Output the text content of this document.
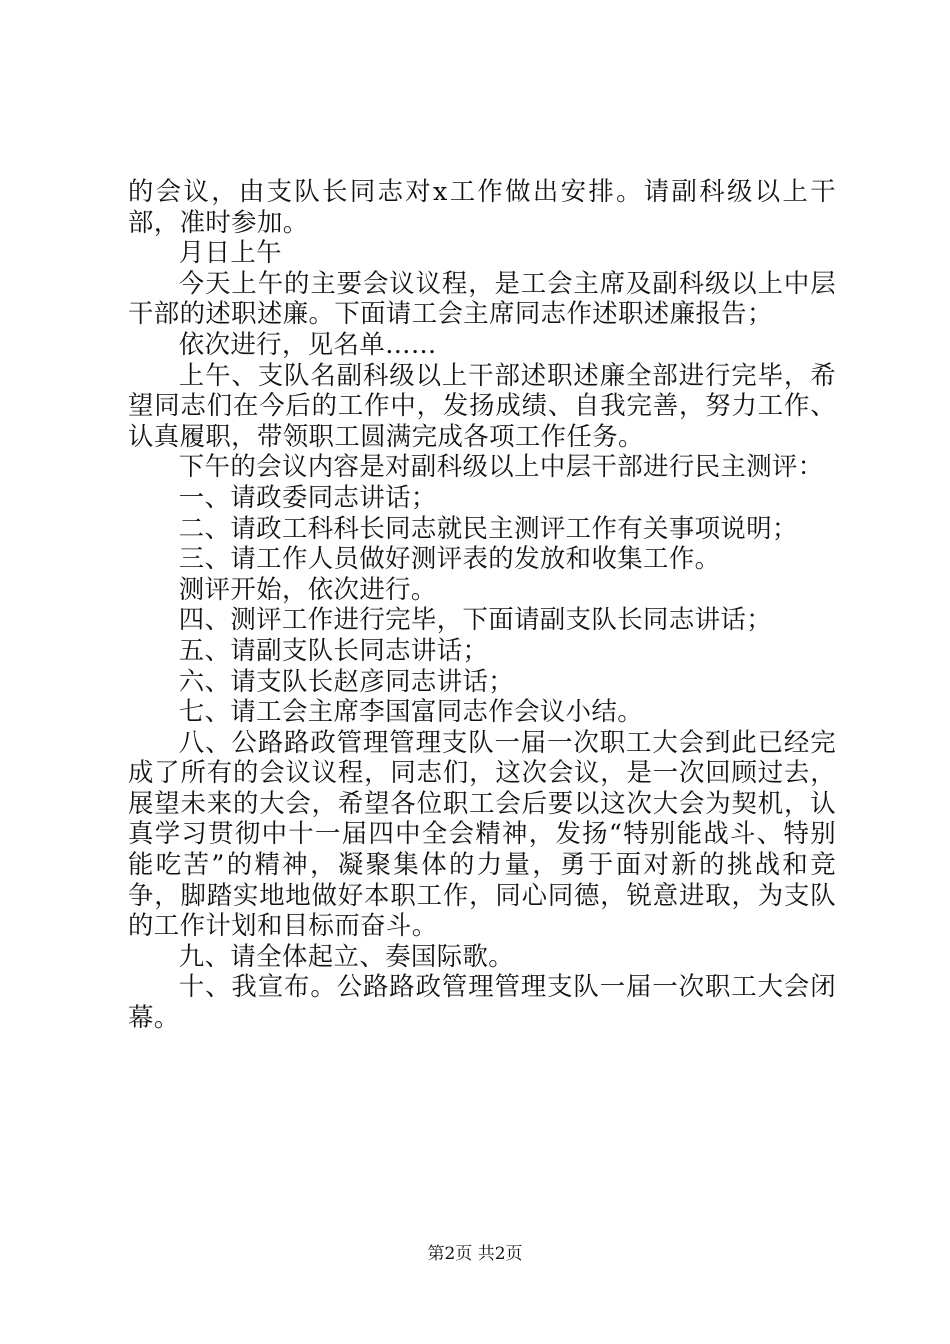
的会议，由支队长同志对x工作做出安排。请副科级以上干部，准时参加。

月日上午

今天上午的主要会议议程，是工会主席及副科级以上中层干部的述职述廉。下面请工会主席同志作述职述廉报告；

依次进行，见名单……

上午、支队名副科级以上干部述职述廉全部进行完毕，希望同志们在今后的工作中，发扬成绩、自我完善，努力工作、认真履职，带领职工圆满完成各项工作任务。

下午的会议内容是对副科级以上中层干部进行民主测评：

一、请政委同志讲话；

二、请政工科科长同志就民主测评工作有关事项说明；

三、请工作人员做好测评表的发放和收集工作。

测评开始，依次进行。

四、测评工作进行完毕，下面请副支队长同志讲话；

五、请副支队长同志讲话；

六、请支队长赵彦同志讲话；

七、请工会主席李国富同志作会议小结。

八、公路路政管理管理支队一届一次职工大会到此已经完成了所有的会议议程，同志们，这次会议，是一次回顾过去，展望未来的大会，希望各位职工会后要以这次大会为契机，认真学习贯彻中十一届四中全会精神，发扬“特别能战斗、特别能吃苦”的精神，凝聚集体的力量，勇于面对新的挑战和竞争，脚踏实地地做好本职工作，同心同德，锐意进取，为支队的工作计划和目标而奋斗。

九、请全体起立、奏国际歌。

十、我宣布。公路路政管理管理支队一届一次职工大会闭幕。

第2页 共2页
